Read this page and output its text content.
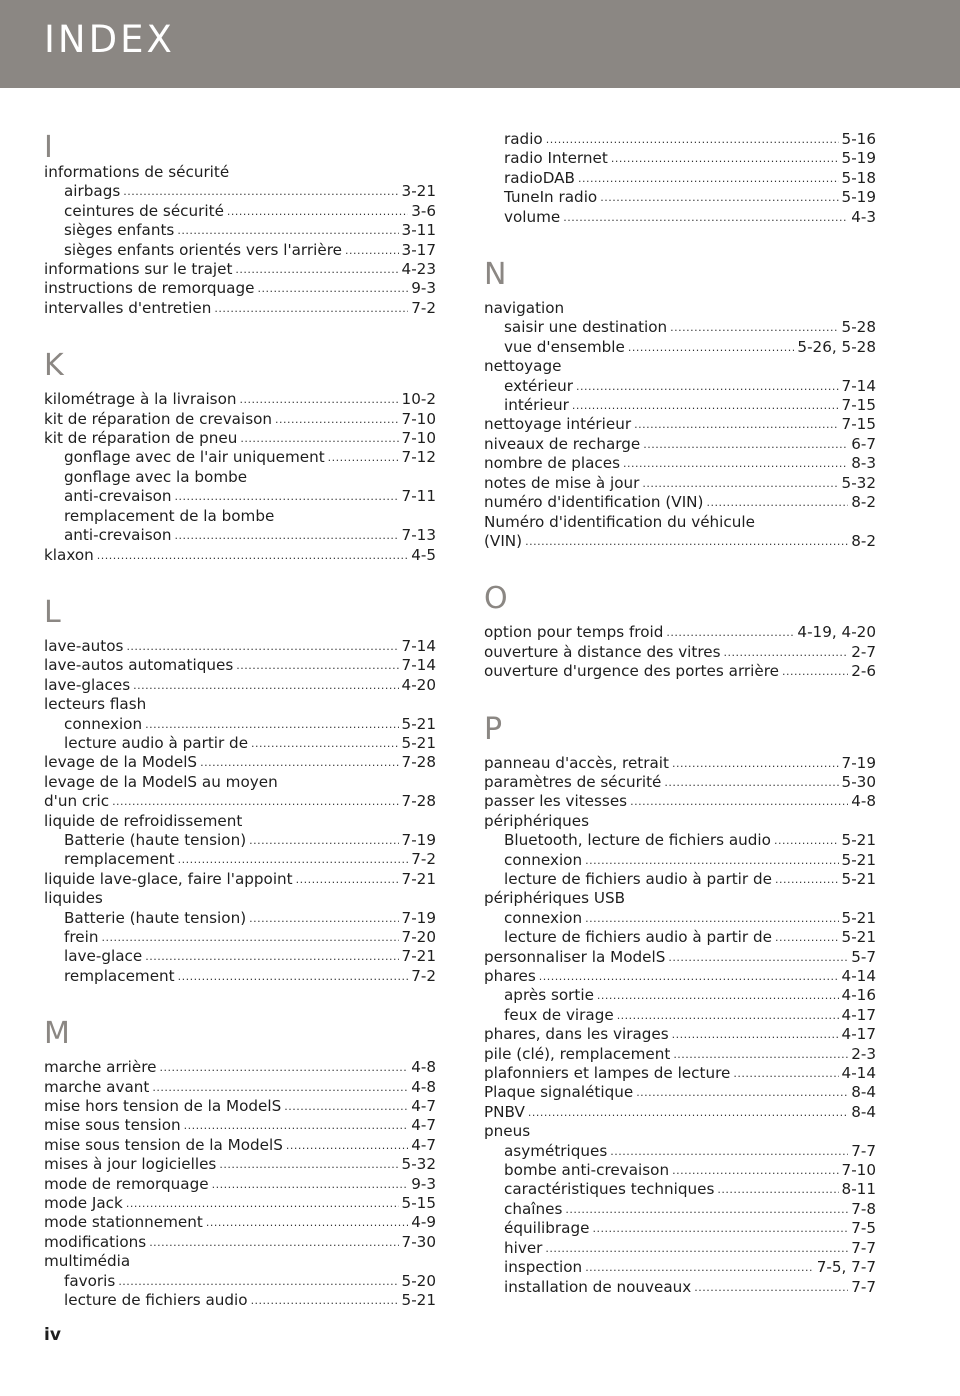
INDEX
I
informations de sécurité
airbags .....	3-21
ceintures de sécurité .....	3-6
sièges enfants .....	3-11
sièges enfants orientés vers l'arrière .....	3-17
informations sur le trajet .....	4-23
instructions de remorquage .....	9-3
intervalles d'entretien .....	7-2
K
kilométrage à la livraison .....	10-2
kit de réparation de crevaison .....	7-10
kit de réparation de pneu .....	7-10
gonflage avec de l'air uniquement .....	7-12
gonflage avec la bombe
anti-crevaison .....	7-11
remplacement de la bombe
anti-crevaison .....	7-13
klaxon .....	4-5
L
lave-autos .....	7-14
lave-autos automatiques .....	7-14
lave-glaces .....	4-20
lecteurs flash
connexion .....	5-21
lecture audio à partir de .....	5-21
levage de la ModelS .....	7-28
levage de la ModelS au moyen
d'un cric .....	7-28
liquide de refroidissement
Batterie (haute tension) .....	7-19
remplacement .....	7-2
liquide lave-glace, faire l'appoint .....	7-21
liquides
Batterie (haute tension) .....	7-19
frein .....	7-20
lave-glace .....	7-21
remplacement .....	7-2
M
marche arrière .....	4-8
marche avant .....	4-8
mise hors tension de la ModelS .....	4-7
mise sous tension .....	4-7
mise sous tension de la ModelS .....	4-7
mises à jour logicielles .....	5-32
mode de remorquage .....	9-3
mode Jack .....	5-15
mode stationnement .....	4-9
modifications .....	7-30
multimédia
favoris .....	5-20
lecture de fichiers audio .....	5-21
radio .....	5-16
radio Internet .....	5-19
radioDAB .....	5-18
TuneIn radio .....	5-19
volume .....	4-3
N
navigation
saisir une destination .....	5-28
vue d'ensemble .....	5-26, 5-28
nettoyage
extérieur .....	7-14
intérieur .....	7-15
nettoyage intérieur .....	7-15
niveaux de recharge .....	6-7
nombre de places .....	8-3
notes de mise à jour .....	5-32
numéro d'identification (VIN) .....	8-2
Numéro d'identification du véhicule
(VIN) .....	8-2
O
option pour temps froid .....	4-19, 4-20
ouverture à distance des vitres .....	2-7
ouverture d'urgence des portes arrière .....	2-6
P
panneau d'accès, retrait .....	7-19
paramètres de sécurité .....	5-30
passer les vitesses .....	4-8
périphériques
Bluetooth, lecture de fichiers audio .....	5-21
connexion .....	5-21
lecture de fichiers audio à partir de .....	5-21
périphériques USB
connexion .....	5-21
lecture de fichiers audio à partir de .....	5-21
personnaliser la ModelS .....	5-7
phares .....	4-14
après sortie .....	4-16
feux de virage .....	4-17
phares, dans les virages .....	4-17
pile (clé), remplacement .....	2-3
plafonniers et lampes de lecture .....	4-14
Plaque signalétique .....	8-4
PNBV .....	8-4
pneus
asymétriques .....	7-7
bombe anti-crevaison .....	7-10
caractéristiques techniques .....	8-11
chaînes .....	7-8
équilibrage .....	7-5
hiver .....	7-7
inspection .....	7-5, 7-7
installation de nouveaux .....	7-7
iv
